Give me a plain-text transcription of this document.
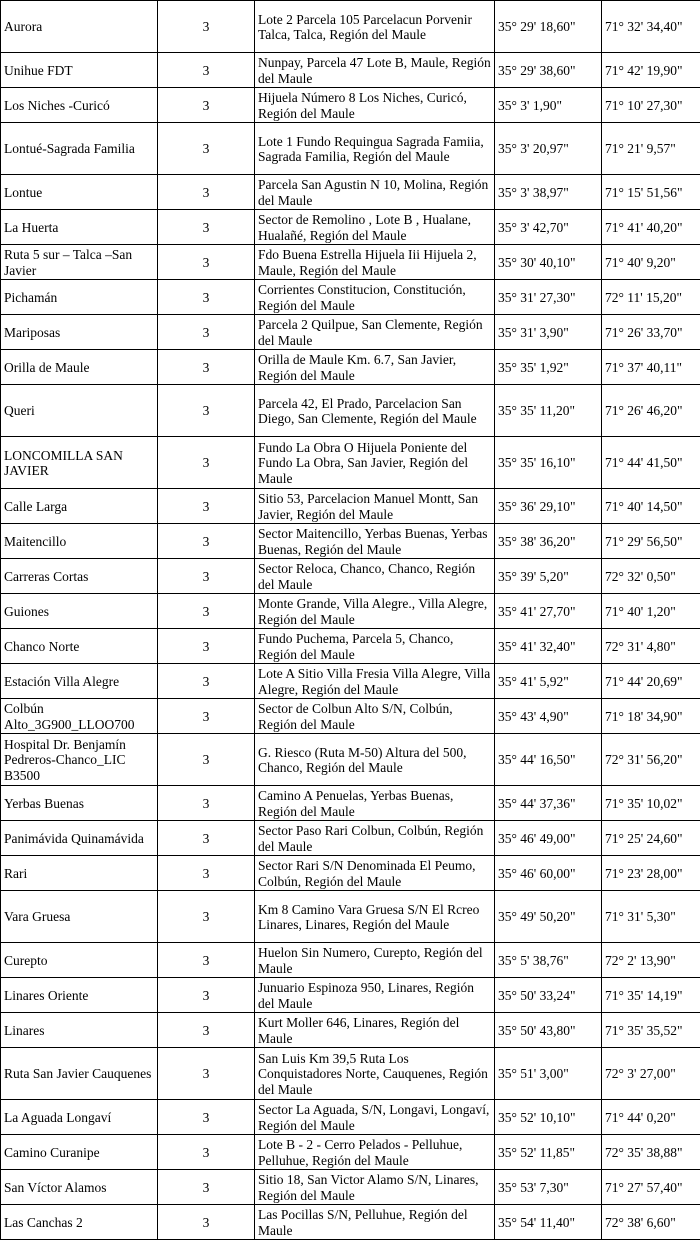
Aurora	3	Lote 2 Parcela 105 Parcelacun Porvenir Talca, Talca, Región del Maule	35° 29' 18,60"	71° 32' 34,40"
Unihue FDT	3	Nunpay, Parcela 47 Lote B, Maule, Región del Maule	35° 29' 38,60"	71° 42' 19,90"
Los Niches -Curicó	3	Hijuela Número 8 Los Niches, Curicó, Región del Maule	35° 3' 1,90"	71° 10' 27,30"
Lontué-Sagrada Familia	3	Lote 1 Fundo Requingua Sagrada Famiia, Sagrada Familia, Región del Maule	35° 3' 20,97"	71° 21' 9,57"
Lontue	3	Parcela San Agustin N 10, Molina, Región del Maule	35° 3' 38,97"	71° 15' 51,56"
La Huerta	3	Sector de Remolino , Lote B , Hualane, Hualañé, Región del Maule	35° 3' 42,70"	71° 41' 40,20"
Ruta 5 sur – Talca –San Javier	3	Fdo Buena Estrella Hijuela Iii Hijuela 2, Maule, Región del Maule	35° 30' 40,10"	71° 40' 9,20"
Pichamán	3	Corrientes Constitucion, Constitución, Región del Maule	35° 31' 27,30"	72° 11' 15,20"
Mariposas	3	Parcela 2 Quilpue, San Clemente, Región del Maule	35° 31' 3,90"	71° 26' 33,70"
Orilla de Maule	3	Orilla de Maule Km. 6.7, San Javier, Región del Maule	35° 35' 1,92"	71° 37' 40,11"
Queri	3	Parcela 42, El Prado, Parcelacion San Diego, San Clemente, Región del Maule	35° 35' 11,20"	71° 26' 46,20"
LONCOMILLA SAN JAVIER	3	Fundo La Obra O Hijuela Poniente del Fundo La Obra, San Javier, Región del Maule	35° 35' 16,10"	71° 44' 41,50"
Calle Larga	3	Sitio 53, Parcelacion Manuel Montt, San Javier, Región del Maule	35° 36' 29,10"	71° 40' 14,50"
Maitencillo	3	Sector Maitencillo, Yerbas Buenas, Yerbas Buenas, Región del Maule	35° 38' 36,20"	71° 29' 56,50"
Carreras Cortas	3	Sector Reloca, Chanco, Chanco, Región del Maule	35° 39' 5,20"	72° 32' 0,50"
Guiones	3	Monte Grande, Villa Alegre., Villa Alegre, Región del Maule	35° 41' 27,70"	71° 40' 1,20"
Chanco Norte	3	Fundo Puchema, Parcela 5, Chanco, Región del Maule	35° 41' 32,40"	72° 31' 4,80"
Estación Villa Alegre	3	Lote A Sitio Villa Fresia Villa Alegre, Villa Alegre, Región del Maule	35° 41' 5,92"	71° 44' 20,69"
Colbún Alto_3G900_LLOO700	3	Sector de Colbun Alto S/N, Colbún, Región del Maule	35° 43' 4,90"	71° 18' 34,90"
Hospital Dr. Benjamín Pedreros-Chanco_LIC B3500	3	G. Riesco (Ruta M-50) Altura del 500, Chanco, Región del Maule	35° 44' 16,50"	72° 31' 56,20"
Yerbas Buenas	3	Camino A Penuelas, Yerbas Buenas, Región del Maule	35° 44' 37,36"	71° 35' 10,02"
Panimávida Quinamávida	3	Sector Paso Rari Colbun, Colbún, Región del Maule	35° 46' 49,00"	71° 25' 24,60"
Rari	3	Sector Rari S/N Denominada El Peumo, Colbún, Región del Maule	35° 46' 60,00"	71° 23' 28,00"
Vara Gruesa	3	Km 8 Camino Vara Gruesa S/N El Rcreo Linares, Linares, Región del Maule	35° 49' 50,20"	71° 31' 5,30"
Curepto	3	Huelon Sin Numero, Curepto, Región del Maule	35° 5' 38,76"	72° 2' 13,90"
Linares Oriente	3	Junuario Espinoza 950, Linares, Región del Maule	35° 50' 33,24"	71° 35' 14,19"
Linares	3	Kurt Moller 646, Linares, Región del Maule	35° 50' 43,80"	71° 35' 35,52"
Ruta San Javier Cauquenes	3	San Luis Km 39,5 Ruta Los Conquistadores Norte, Cauquenes, Región del Maule	35° 51' 3,00"	72° 3' 27,00"
La Aguada Longaví	3	Sector La Aguada, S/N, Longavi, Longaví, Región del Maule	35° 52' 10,10"	71° 44' 0,20"
Camino Curanipe	3	Lote B - 2 - Cerro Pelados - Pelluhue, Pelluhue, Región del Maule	35° 52' 11,85"	72° 35' 38,88"
San Víctor Alamos	3	Sitio 18, San Victor Alamo S/N, Linares, Región del Maule	35° 53' 7,30"	71° 27' 57,40"
Las Canchas 2	3	Las Pocillas S/N, Pelluhue, Región del Maule	35° 54' 11,40"	72° 38' 6,60"
